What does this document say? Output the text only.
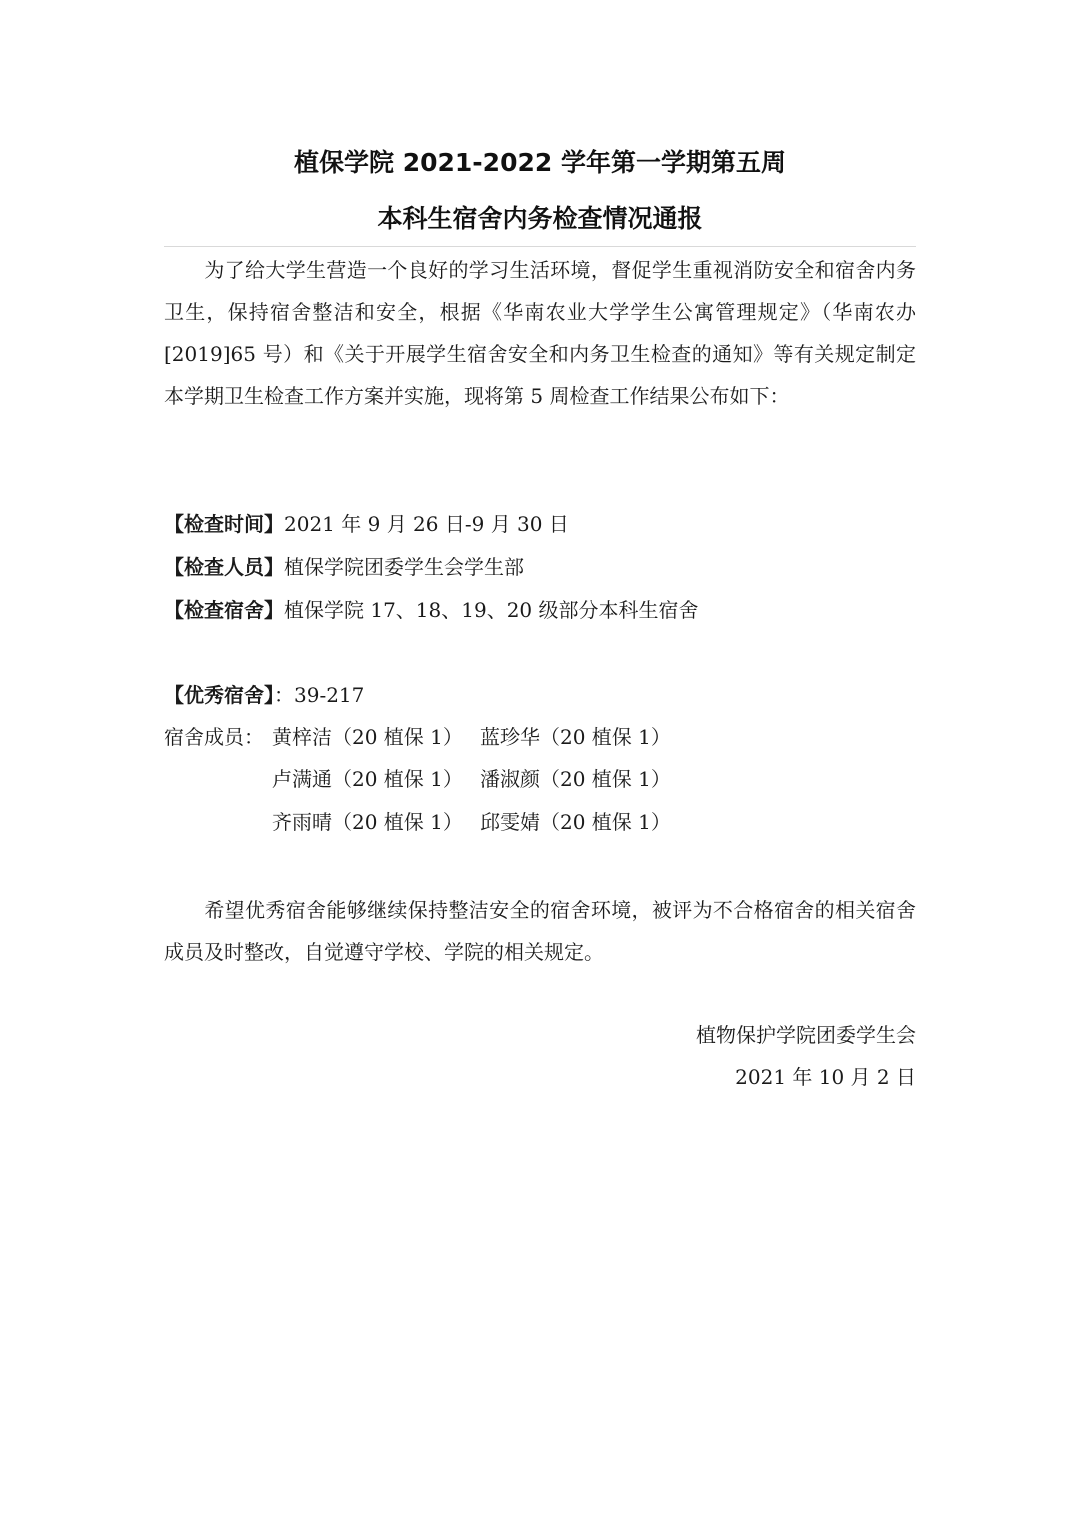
植保学院 2021-2022 学年第一学期第五周
本科生宿舍内务检查情况通报
为了给大学生营造一个良好的学习生活环境，督促学生重视消防安全和宿舍内务卫生，保持宿舍整洁和安全，根据《华南农业大学学生公寓管理规定》（华南农办[2019]65 号）和《关于开展学生宿舍安全和内务卫生检查的通知》等有关规定制定本学期卫生检查工作方案并实施，现将第 5 周检查工作结果公布如下：
【检查时间】2021 年 9 月 26 日-9 月 30 日
【检查人员】植保学院团委学生会学生部
【检查宿舍】植保学院 17、18、19、20 级部分本科生宿舍
【优秀宿舍】：39-217
宿舍成员： 黄梓洁（20 植保 1） 蓝珍华（20 植保 1）
卢满通（20 植保 1） 潘淑颜（20 植保 1）
齐雨晴（20 植保 1） 邱雯婧（20 植保 1）
希望优秀宿舍能够继续保持整洁安全的宿舍环境，被评为不合格宿舍的相关宿舍成员及时整改，自觉遵守学校、学院的相关规定。
植物保护学院团委学生会
2021 年 10 月 2 日
